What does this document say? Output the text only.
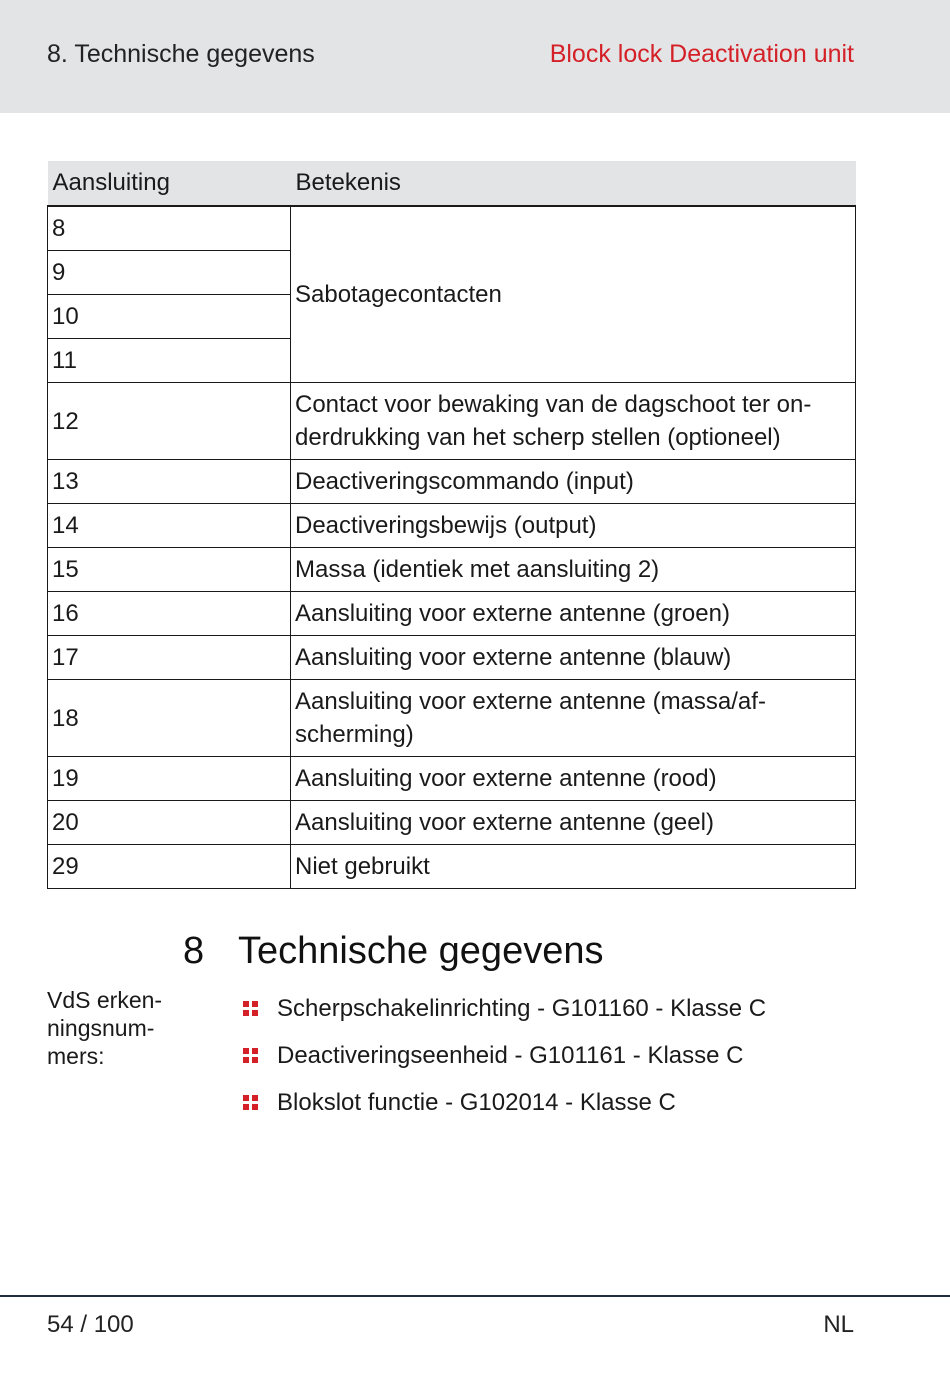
8. Technische gegevens	Block lock Deactivation unit
Aansluiting	Betekenis
8	Sabotagecontacten
9	
10	
11	
12	Contact voor bewaking van de dagschoot ter onderdrukking van het scherp stellen (optioneel)
13	Deactiveringscommando (input)
14	Deactiveringsbewijs (output)
15	Massa (identiek met aansluiting 2)
16	Aansluiting voor externe antenne (groen)
17	Aansluiting voor externe antenne (blauw)
18	Aansluiting voor externe antenne (massa/afscherming)
19	Aansluiting voor externe antenne (rood)
20	Aansluiting voor externe antenne (geel)
29	Niet gebruikt
8 Technische gegevens
VdS erkenningsnummers:
Scherpschakelinrichting - G101160 - Klasse C
Deactiveringseenheid - G101161 - Klasse C
Blokslot functie - G102014 - Klasse C
54 / 100	NL
